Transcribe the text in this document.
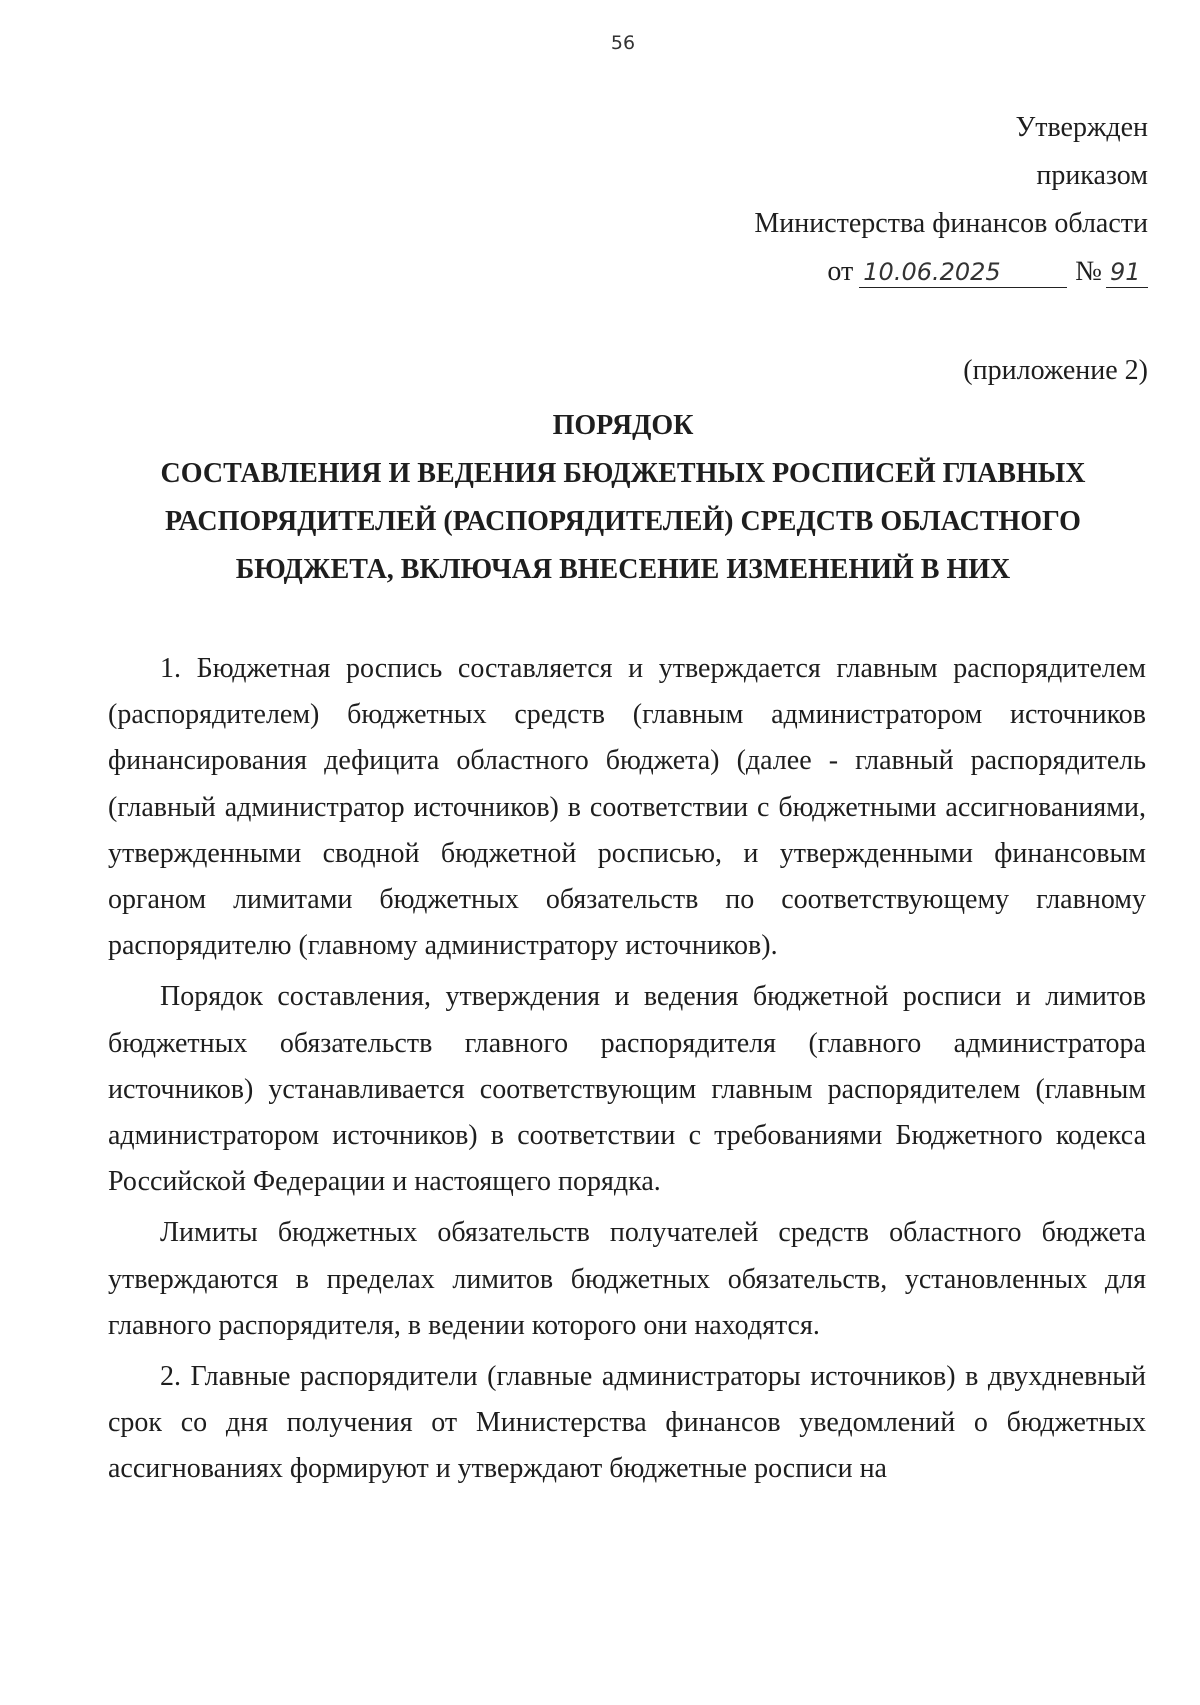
56
Утвержден
приказом
Министерства финансов области
от 10.06.2025	№ 91
(приложение 2)
ПОРЯДОК
СОСТАВЛЕНИЯ И ВЕДЕНИЯ БЮДЖЕТНЫХ РОСПИСЕЙ ГЛАВНЫХ
РАСПОРЯДИТЕЛЕЙ (РАСПОРЯДИТЕЛЕЙ) СРЕДСТВ ОБЛАСТНОГО
БЮДЖЕТА, ВКЛЮЧАЯ ВНЕСЕНИЕ ИЗМЕНЕНИЙ В НИХ

1. Бюджетная роспись составляется и утверждается главным распорядителем (распорядителем) бюджетных средств (главным администратором источников финансирования дефицита областного бюджета) (далее - главный распорядитель (главный администратор источников) в соответствии с бюджетными ассигнованиями, утвержденными сводной бюджетной росписью, и утвержденными финансовым органом лимитами бюджетных обязательств по соответствующему главному распорядителю (главному администратору источников).

Порядок составления, утверждения и ведения бюджетной росписи и лимитов бюджетных обязательств главного распорядителя (главного администратора источников) устанавливается соответствующим главным распорядителем (главным администратором источников) в соответствии с требованиями Бюджетного кодекса Российской Федерации и настоящего порядка.

Лимиты бюджетных обязательств получателей средств областного бюджета утверждаются в пределах лимитов бюджетных обязательств, установленных для главного распорядителя, в ведении которого они находятся.

2. Главные распорядители (главные администраторы источников) в двухдневный срок со дня получения от Министерства финансов уведомлений о бюджетных ассигнованиях формируют и утверждают бюджетные росписи на
